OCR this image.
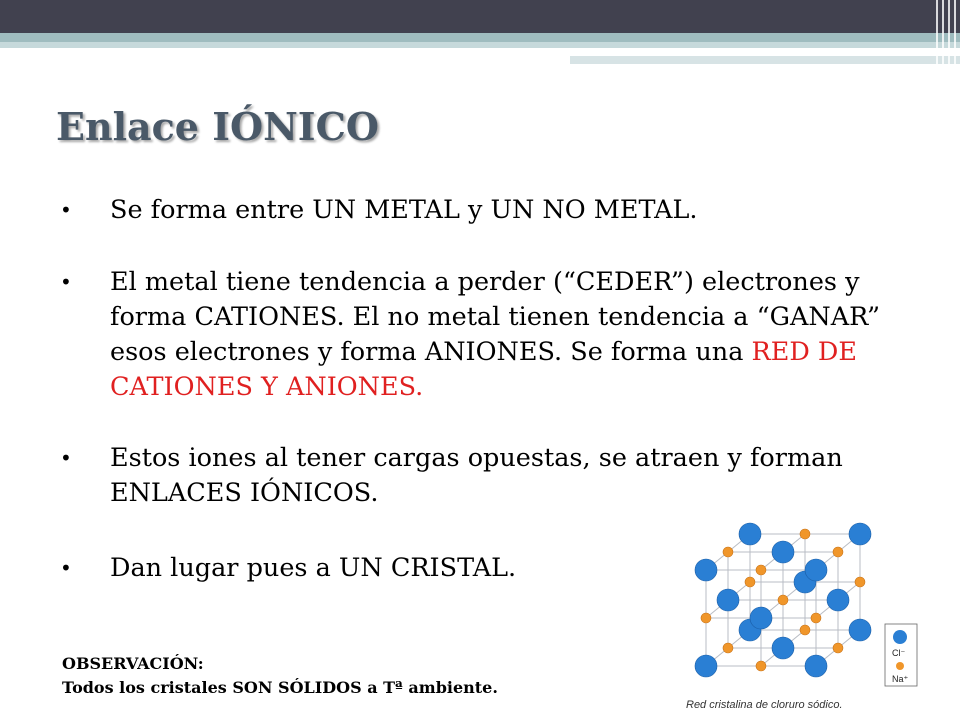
Enlace IÓNICO
• Se forma entre UN METAL y UN NO METAL.
• El metal tiene tendencia a perder (“CEDER”) electrones y forma CATIONES. El no metal tienen tendencia a “GANAR” esos electrones y forma ANIONES. Se forma una RED DE CATIONES Y ANIONES.
• Estos iones al tener cargas opuestas, se atraen y forman ENLACES IÓNICOS.
• Dan lugar pues a UN CRISTAL.
OBSERVACIÓN:
Todos los cristales SON SÓLIDOS a Tª ambiente.
Cl⁻
Na⁺
Red cristalina de cloruro sódico.
